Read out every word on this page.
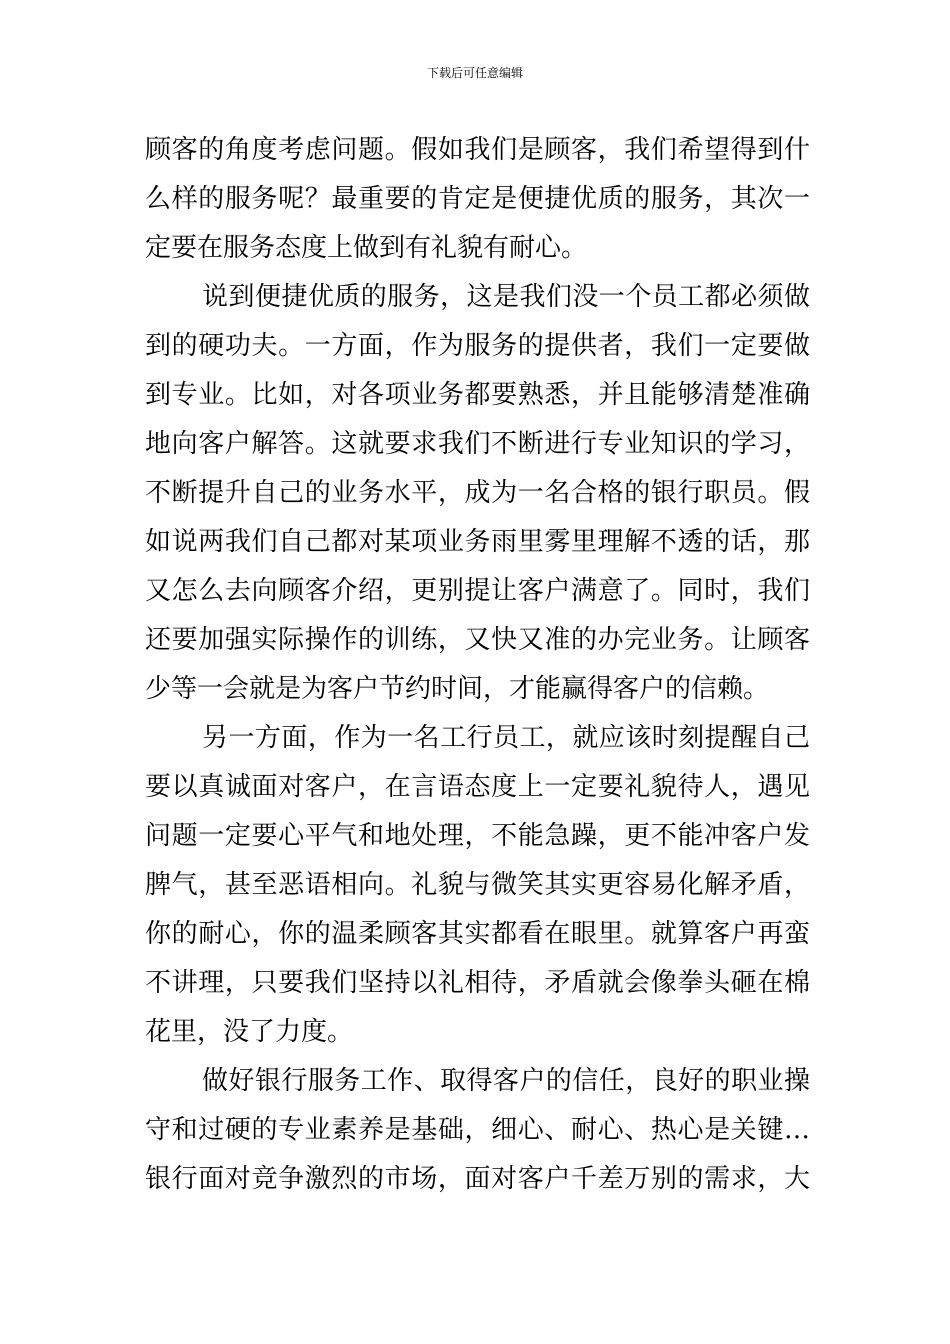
下载后可任意编辑
顾客的角度考虑问题。假如我们是顾客，我们希望得到什
么样的服务呢？最重要的肯定是便捷优质的服务，其次一
定要在服务态度上做到有礼貌有耐心。
说到便捷优质的服务，这是我们没一个员工都必须做
到的硬功夫。一方面，作为服务的提供者，我们一定要做
到专业。比如，对各项业务都要熟悉，并且能够清楚准确
地向客户解答。这就要求我们不断进行专业知识的学习，
不断提升自己的业务水平，成为一名合格的银行职员。假
如说两我们自己都对某项业务雨里雾里理解不透的话，那
又怎么去向顾客介绍，更别提让客户满意了。同时，我们
还要加强实际操作的训练，又快又准的办完业务。让顾客
少等一会就是为客户节约时间，才能赢得客户的信赖。
另一方面，作为一名工行员工，就应该时刻提醒自己
要以真诚面对客户，在言语态度上一定要礼貌待人，遇见
问题一定要心平气和地处理，不能急躁，更不能冲客户发
脾气，甚至恶语相向。礼貌与微笑其实更容易化解矛盾，
你的耐心，你的温柔顾客其实都看在眼里。就算客户再蛮
不讲理，只要我们坚持以礼相待，矛盾就会像拳头砸在棉
花里，没了力度。
做好银行服务工作、取得客户的信任，良好的职业操
守和过硬的专业素养是基础，细心、耐心、热心是关键…
银行面对竞争激烈的市场，面对客户千差万别的需求，大
